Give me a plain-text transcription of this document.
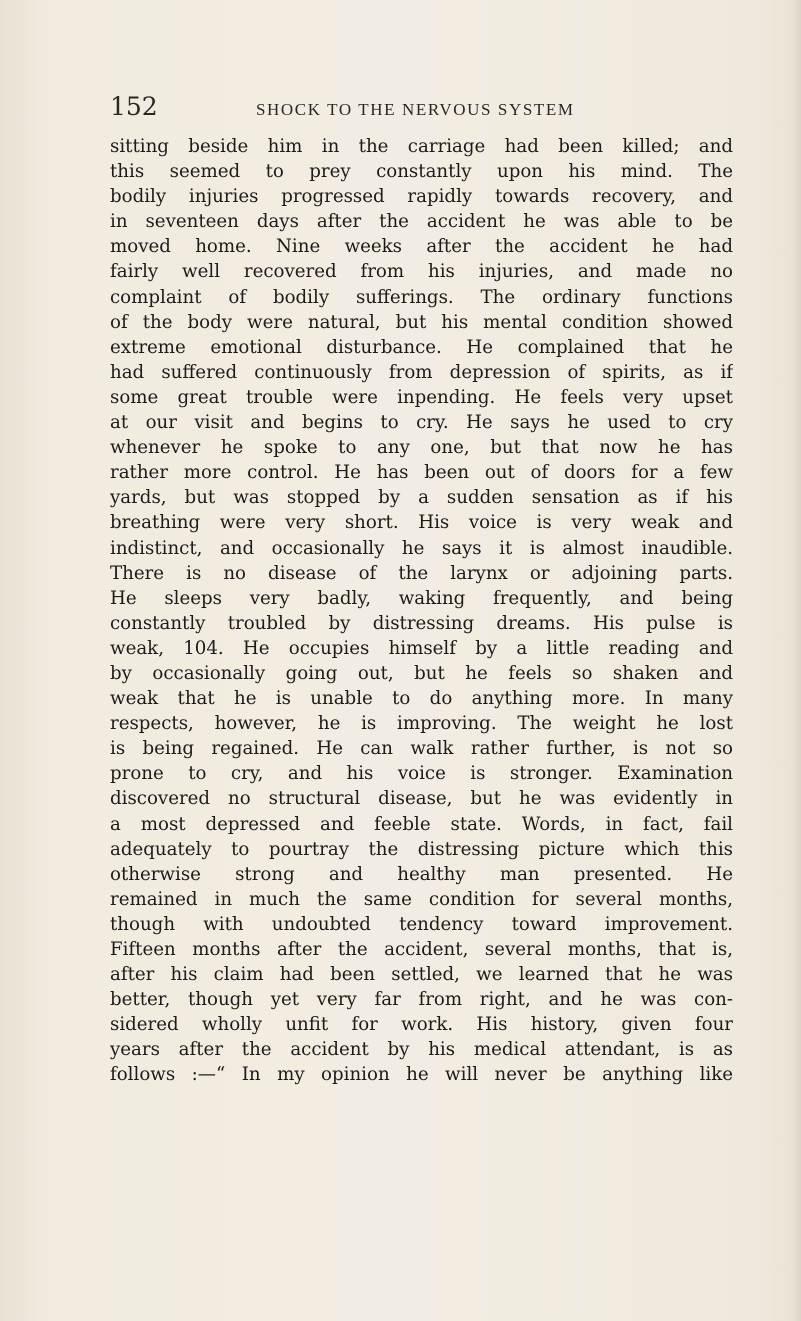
152	SHOCK TO THE NERVOUS SYSTEM
sitting beside him in the carriage had been killed; and
this seemed to prey constantly upon his mind. The
bodily injuries progressed rapidly towards recovery, and
in seventeen days after the accident he was able to be
moved home. Nine weeks after the accident he had
fairly well recovered from his injuries, and made no
complaint of bodily sufferings. The ordinary functions
of the body were natural, but his mental condition showed
extreme emotional disturbance. He complained that he
had suffered continuously from depression of spirits, as if
some great trouble were inpending. He feels very upset
at our visit and begins to cry. He says he used to cry
whenever he spoke to any one, but that now he has
rather more control. He has been out of doors for a few
yards, but was stopped by a sudden sensation as if his
breathing were very short. His voice is very weak and
indistinct, and occasionally he says it is almost inaudible.
There is no disease of the larynx or adjoining parts.
He sleeps very badly, waking frequently, and being
constantly troubled by distressing dreams. His pulse is
weak, 104. He occupies himself by a little reading and
by occasionally going out, but he feels so shaken and
weak that he is unable to do anything more. In many
respects, however, he is improving. The weight he lost
is being regained. He can walk rather further, is not so
prone to cry, and his voice is stronger. Examination
discovered no structural disease, but he was evidently in
a most depressed and feeble state. Words, in fact, fail
adequately to pourtray the distressing picture which this
otherwise strong and healthy man presented. He
remained in much the same condition for several months,
though with undoubted tendency toward improvement.
Fifteen months after the accident, several months, that is,
after his claim had been settled, we learned that he was
better, though yet very far from right, and he was con-
sidered wholly unfit for work. His history, given four
years after the accident by his medical attendant, is as
follows :—“ In my opinion he will never be anything like
